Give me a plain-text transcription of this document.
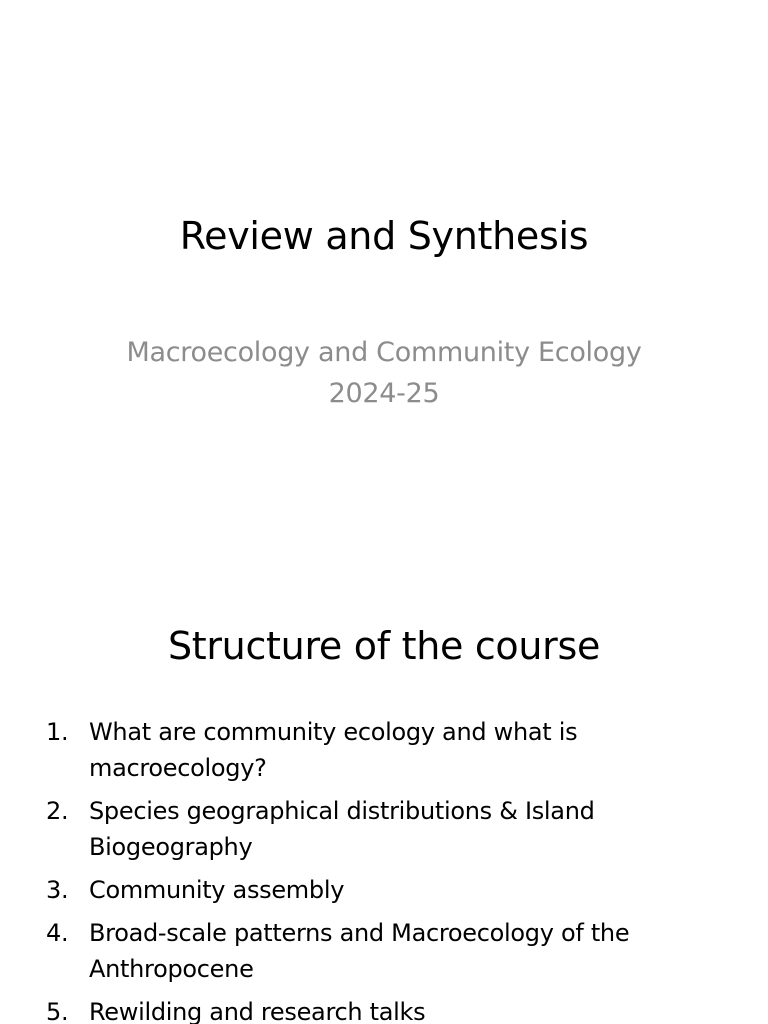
Review and Synthesis
Macroecology and Community Ecology
2024-25
Structure of the course
1. What are community ecology and what is macroecology?
2. Species geographical distributions & Island Biogeography
3. Community assembly
4. Broad-scale patterns and Macroecology of the Anthropocene
5. Rewilding and research talks
